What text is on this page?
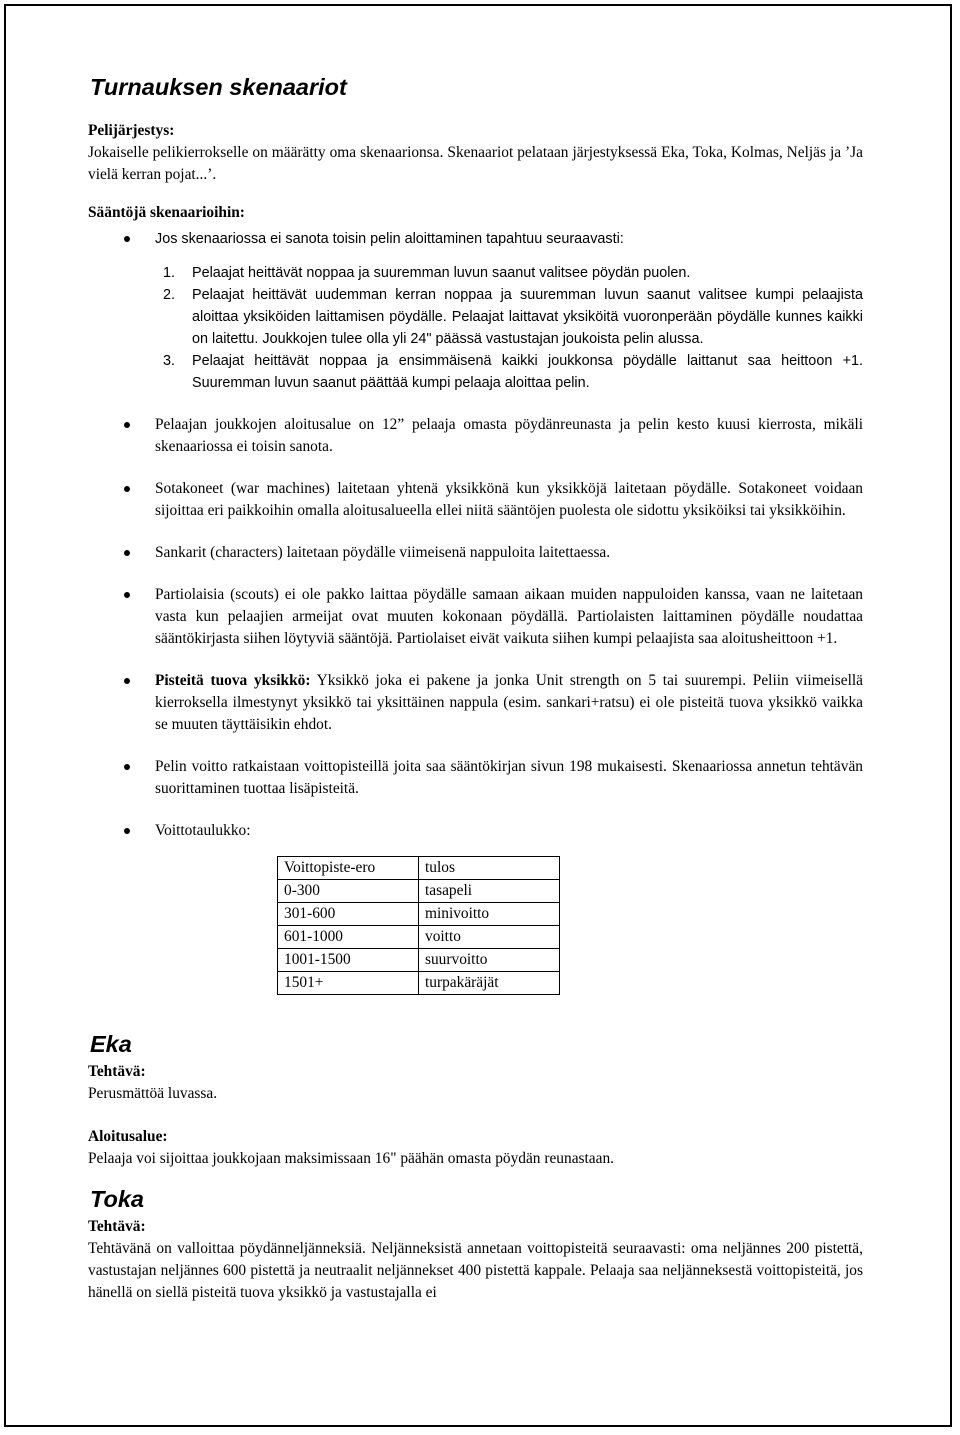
Turnauksen skenaariot

Pelijärjestys:

Jokaiselle pelikierrokselle on määrätty oma skenaarionsa. Skenaariot pelataan järjestyksessä Eka, Toka, Kolmas, Neljäs ja ’Ja vielä kerran pojat...’.

Sääntöjä skenaarioihin:

Jos skenaariossa ei sanota toisin pelin aloittaminen tapahtuu seuraavasti:
1. Pelaajat heittävät noppaa ja suuremman luvun saanut valitsee pöydän puolen.
2. Pelaajat heittävät uudemman kerran noppaa ja suuremman luvun saanut valitsee kumpi pelaajista aloittaa yksiköiden laittamisen pöydälle. Pelaajat laittavat yksiköitä vuoronperään pöydälle kunnes kaikki on laitettu. Joukkojen tulee olla yli 24" päässä vastustajan joukoista pelin alussa.
3. Pelaajat heittävät noppaa ja ensimmäisenä kaikki joukkonsa pöydälle laittanut saa heittoon +1. Suuremman luvun saanut päättää kumpi pelaaja aloittaa pelin.
Pelaajan joukkojen aloitusalue on 12” pelaaja omasta pöydänreunasta ja pelin kesto kuusi kierrosta, mikäli skenaariossa ei toisin sanota.
Sotakoneet (war machines) laitetaan yhtenä yksikkönä kun yksikköjä laitetaan pöydälle. Sotakoneet voidaan sijoittaa eri paikkoihin omalla aloitusalueella ellei niitä sääntöjen puolesta ole sidottu yksiköiksi tai yksikköihin.
Sankarit (characters) laitetaan pöydälle viimeisenä nappuloita laitettaessa.
Partiolaisia (scouts) ei ole pakko laittaa pöydälle samaan aikaan muiden nappuloiden kanssa, vaan ne laitetaan vasta kun pelaajien armeijat ovat muuten kokonaan pöydällä. Partiolaisten laittaminen pöydälle noudattaa sääntökirjasta siihen löytyviä sääntöjä. Partiolaiset eivät vaikuta siihen kumpi pelaajista saa aloitusheittoon +1.
Pisteitä tuova yksikkö: Yksikkö joka ei pakene ja jonka Unit strength on 5 tai suurempi. Peliin viimeisellä kierroksella ilmestynyt yksikkö tai yksittäinen nappula (esim. sankari+ratsu) ei ole pisteitä tuova yksikkö vaikka se muuten täyttäisikin ehdot.
Pelin voitto ratkaistaan voittopisteillä joita saa sääntökirjan sivun 198 mukaisesti. Skenaariossa annetun tehtävän suorittaminen tuottaa lisäpisteitä.
Voittotaulukko:
Voittopiste-ero	tulos
0-300	tasapeli
301-600	minivoitto
601-1000	voitto
1001-1500	suurvoitto
1501+	turpakäräjät
Eka

Tehtävä:

Perusmättöä luvassa.

Aloitusalue:

Pelaaja voi sijoittaa joukkojaan maksimissaan 16" päähän omasta pöydän reunastaan.

Toka

Tehtävä:

Tehtävänä on valloittaa pöydänneljänneksiä. Neljänneksistä annetaan voittopisteitä seuraavasti: oma neljännes 200 pistettä, vastustajan neljännes 600 pistettä ja neutraalit neljännekset 400 pistettä kappale. Pelaaja saa neljänneksestä voittopisteitä, jos hänellä on siellä pisteitä tuova yksikkö ja vastustajalla ei
